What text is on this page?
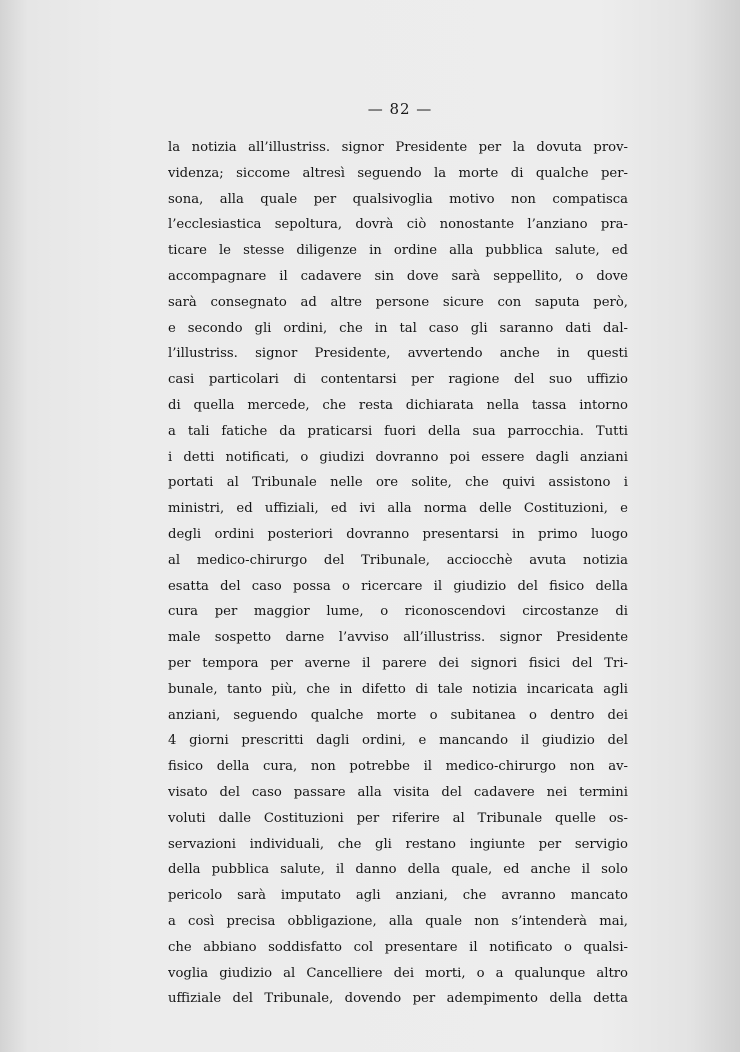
— 82 —
la notizia all’illustriss. signor Presidente per la dovuta prov-
videnza; siccome altresì seguendo la morte di qualche per-
sona, alla quale per qualsivoglia motivo non compatisca
l’ecclesiastica sepoltura, dovrà ciò nonostante l’anziano pra-
ticare le stesse diligenze in ordine alla pubblica salute, ed
accompagnare il cadavere sin dove sarà seppellito, o dove
sarà consegnato ad altre persone sicure con saputa però,
e secondo gli ordini, che in tal caso gli saranno dati dal-
l’illustriss. signor Presidente, avvertendo anche in questi
casi particolari di contentarsi per ragione del suo uffizio
di quella mercede, che resta dichiarata nella tassa intorno
a tali fatiche da praticarsi fuori della sua parrocchia. Tutti
i detti notificati, o giudizi dovranno poi essere dagli anziani
portati al Tribunale nelle ore solite, che quivi assistono i
ministri, ed uffiziali, ed ivi alla norma delle Costituzioni, e
degli ordini posteriori dovranno presentarsi in primo luogo
al medico-chirurgo del Tribunale, acciocchè avuta notizia
esatta del caso possa o ricercare il giudizio del fisico della
cura per maggior lume, o riconoscendovi circostanze di
male sospetto darne l’avviso all’illustriss. signor Presidente
per tempora per averne il parere dei signori fisici del Tri-
bunale, tanto più, che in difetto di tale notizia incaricata agli
anziani, seguendo qualche morte o subitanea o dentro dei
4 giorni prescritti dagli ordini, e mancando il giudizio del
fisico della cura, non potrebbe il medico-chirurgo non av-
visato del caso passare alla visita del cadavere nei termini
voluti dalle Costituzioni per riferire al Tribunale quelle os-
servazioni individuali, che gli restano ingiunte per servigio
della pubblica salute, il danno della quale, ed anche il solo
pericolo sarà imputato agli anziani, che avranno mancato
a così precisa obbligazione, alla quale non s’intenderà mai,
che abbiano soddisfatto col presentare il notificato o qualsi-
voglia giudizio al Cancelliere dei morti, o a qualunque altro
uffiziale del Tribunale, dovendo per adempimento della detta
